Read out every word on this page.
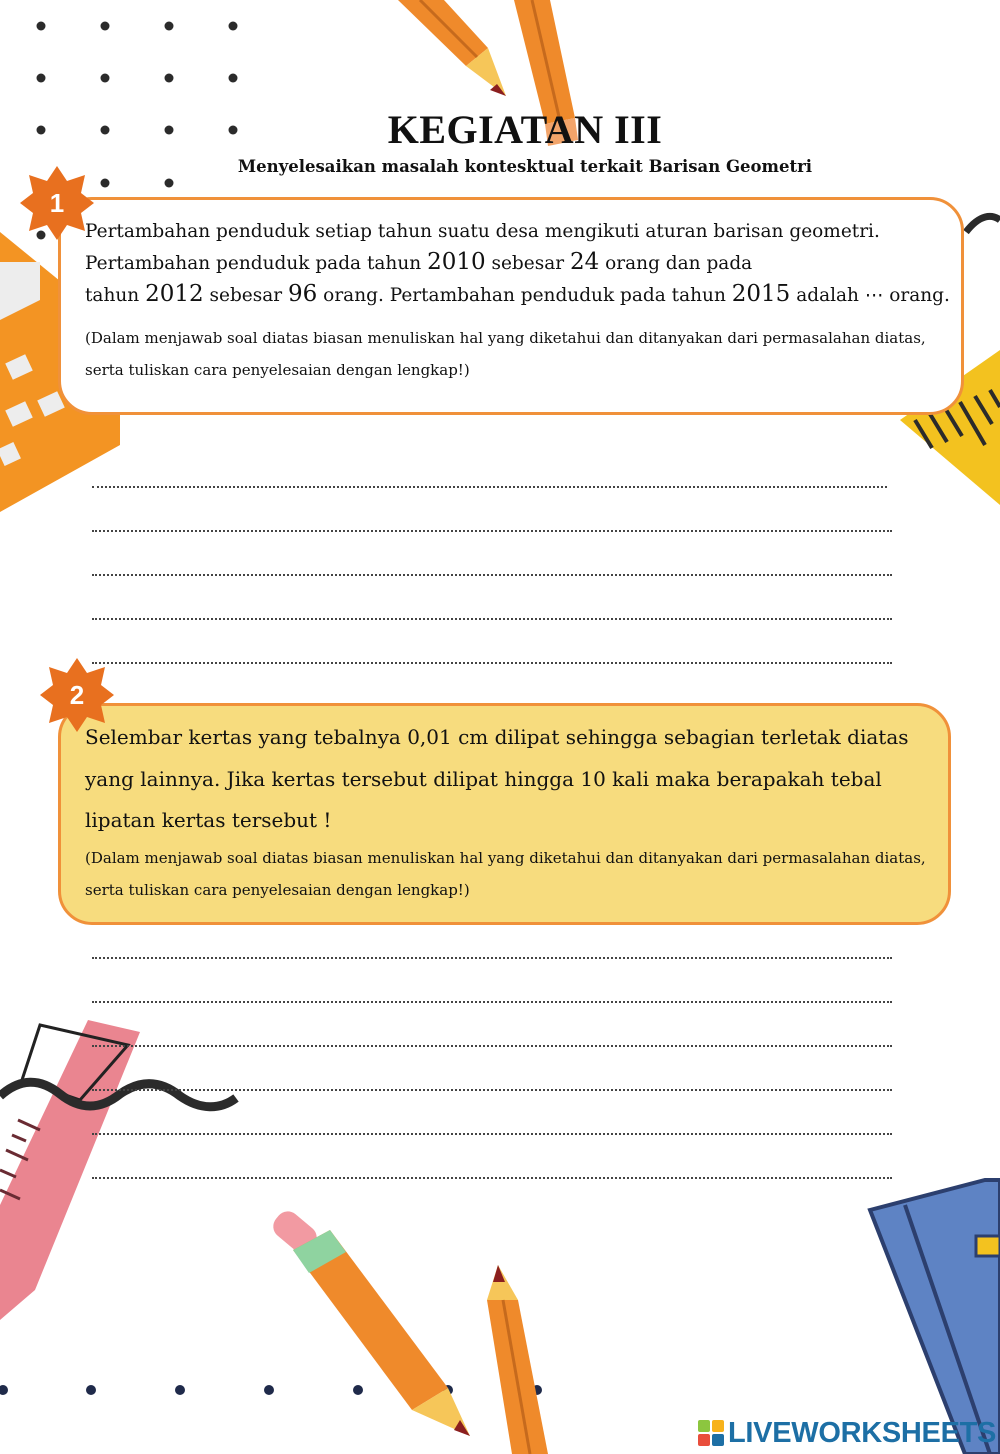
KEGIATAN III
Menyelesaikan masalah kontesktual terkait Barisan Geometri
1
Pertambahan penduduk setiap tahun suatu desa mengikuti aturan barisan geometri.
Pertambahan penduduk pada tahun 2010 sebesar 24 orang dan pada
tahun 2012 sebesar 96 orang. Pertambahan penduduk pada tahun 2015 adalah ⋯ orang.
(Dalam menjawab soal diatas biasan menuliskan hal yang diketahui dan ditanyakan dari permasalahan diatas, serta tuliskan cara penyelesaian dengan lengkap!)
2
Selembar kertas yang tebalnya 0,01 cm dilipat sehingga sebagian terletak diatas yang lainnya. Jika kertas tersebut dilipat hingga 10 kali maka berapakah tebal lipatan kertas tersebut !
(Dalam menjawab soal diatas biasan menuliskan hal yang diketahui dan ditanyakan dari permasalahan diatas, serta tuliskan cara penyelesaian dengan lengkap!)
LIVEWORKSHEETS
